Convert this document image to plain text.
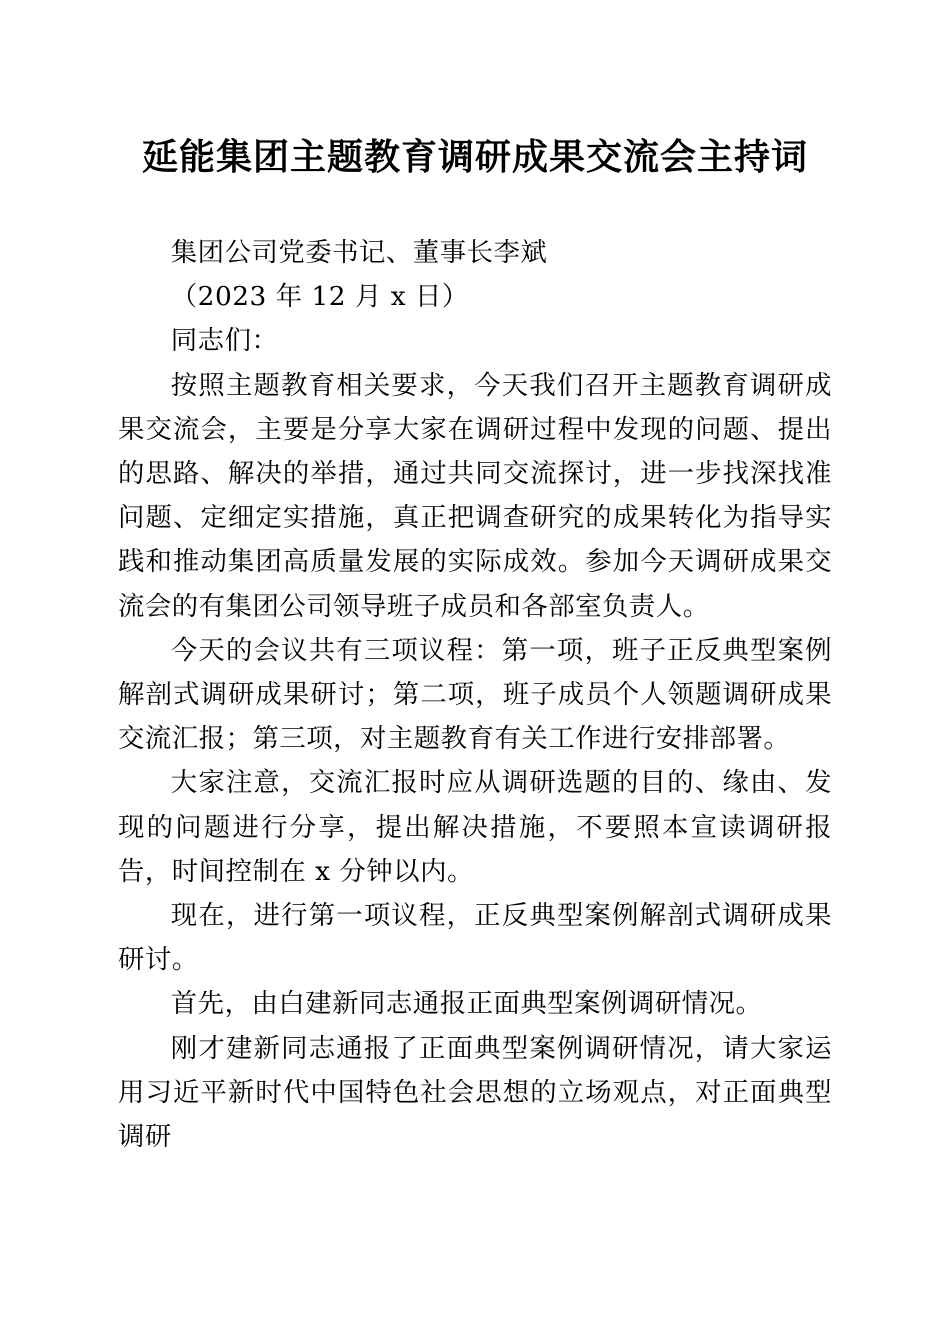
延能集团主题教育调研成果交流会主持词

集团公司党委书记、董事长李斌

（2023 年 12 月 x 日）

同志们：

按照主题教育相关要求，今天我们召开主题教育调研成果交流会，主要是分享大家在调研过程中发现的问题、提出的思路、解决的举措，通过共同交流探讨，进一步找深找准问题、定细定实措施，真正把调查研究的成果转化为指导实践和推动集团高质量发展的实际成效。参加今天调研成果交流会的有集团公司领导班子成员和各部室负责人。

今天的会议共有三项议程：第一项，班子正反典型案例解剖式调研成果研讨；第二项，班子成员个人领题调研成果交流汇报；第三项，对主题教育有关工作进行安排部署。

大家注意，交流汇报时应从调研选题的目的、缘由、发现的问题进行分享，提出解决措施，不要照本宣读调研报告，时间控制在 x 分钟以内。

现在，进行第一项议程，正反典型案例解剖式调研成果研讨。

首先，由白建新同志通报正面典型案例调研情况。

刚才建新同志通报了正面典型案例调研情况，请大家运用习近平新时代中国特色社会思想的立场观点，对正面典型调研
